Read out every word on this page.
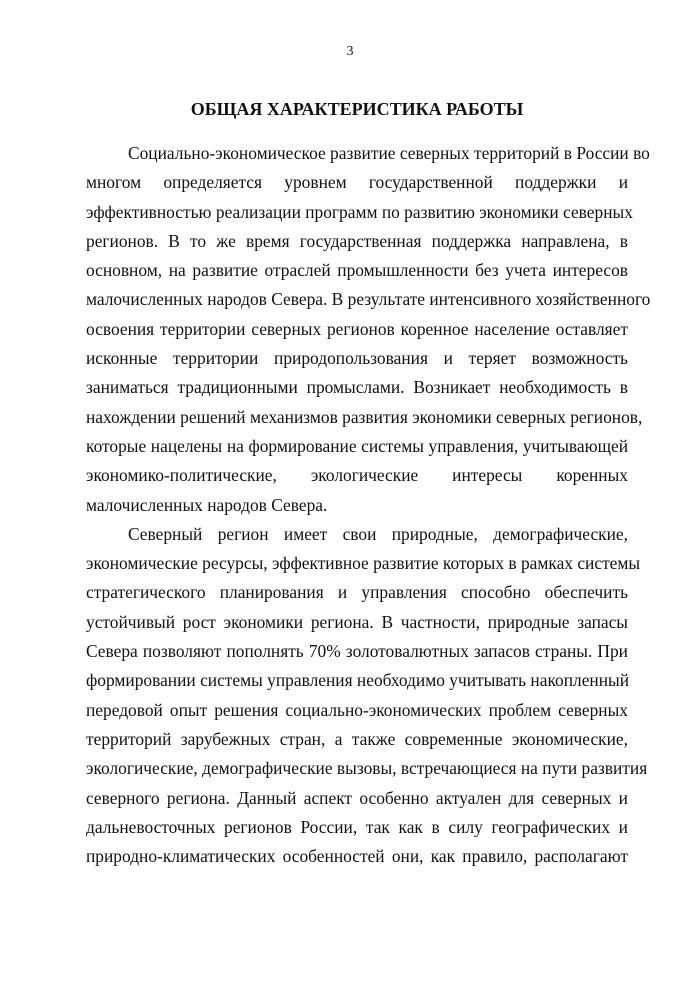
3
ОБЩАЯ ХАРАКТЕРИСТИКА РАБОТЫ

Социально-экономическое развитие северных территорий в России во
многом определяется уровнем государственной поддержки и
эффективностью реализации программ по развитию экономики северных
регионов. В то же время государственная поддержка направлена, в
основном, на развитие отраслей промышленности без учета интересов
малочисленных народов Севера. В результате интенсивного хозяйственного
освоения территории северных регионов коренное население оставляет
исконные территории природопользования и теряет возможность
заниматься традиционными промыслами. Возникает необходимость в
нахождении решений механизмов развития экономики северных регионов,
которые нацелены на формирование системы управления, учитывающей
экономико-политические, экологические интересы коренных
малочисленных народов Севера.

Северный регион имеет свои природные, демографические,
экономические ресурсы, эффективное развитие которых в рамках системы
стратегического планирования и управления способно обеспечить
устойчивый рост экономики региона. В частности, природные запасы
Севера позволяют пополнять 70% золотовалютных запасов страны. При
формировании системы управления необходимо учитывать накопленный
передовой опыт решения социально-экономических проблем северных
территорий зарубежных стран, а также современные экономические,
экологические, демографические вызовы, встречающиеся на пути развития
северного региона. Данный аспект особенно актуален для северных и
дальневосточных регионов России, так как в силу географических и
природно-климатических особенностей они, как правило, располагают
